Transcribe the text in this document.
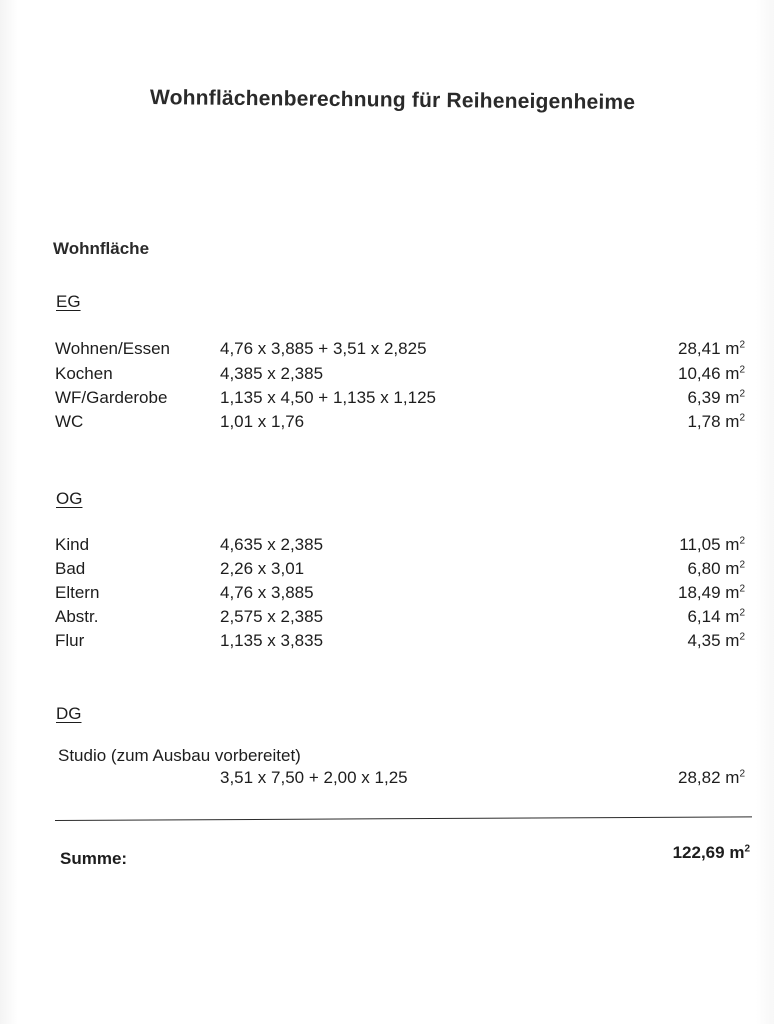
Wohnflächenberechnung für Reiheneigenheime
Wohnfläche
EG
Wohnen/Essen	4,76 x 3,885 + 3,51 x 2,825	28,41 $m^2$
Kochen	4,385 x 2,385	10,46 $m^2$
WF/Garderobe	1,135 x 4,50 + 1,135 x 1,125	6,39 $m^2$
WC	1,01 x 1,76	1,78 $m^2$
OG
Kind	4,635 x 2,385	11,05 $m^2$
Bad	2,26 x 3,01	6,80 $m^2$
Eltern	4,76 x 3,885	18,49 $m^2$
Abstr.	2,575 x 2,385	6,14 $m^2$
Flur	1,135 x 3,835	4,35 $m^2$
DG
Studio (zum Ausbau vorbereitet)
3,51 x 7,50 + 2,00 x 1,25	28,82 $m^2$
Summe:	122,69 $m^2$
